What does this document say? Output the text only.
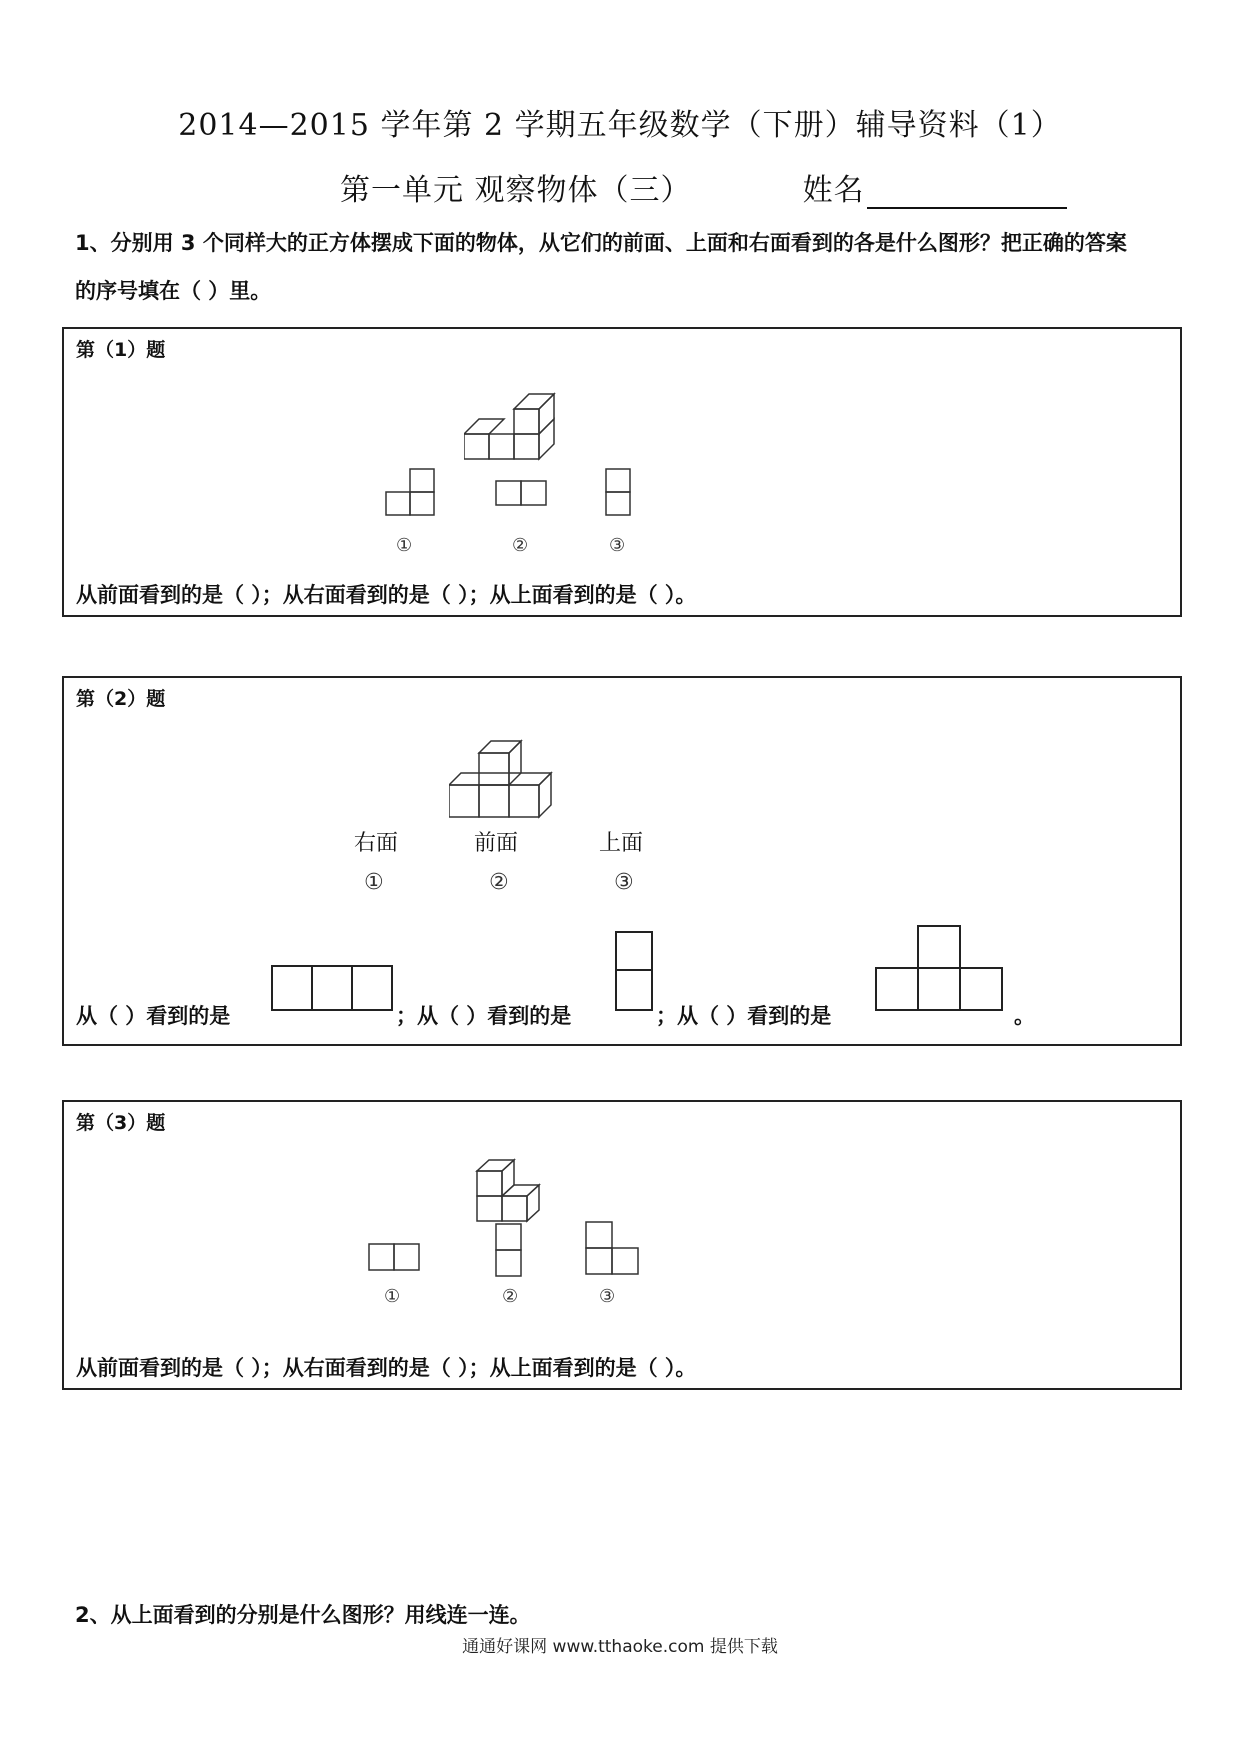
2014—2015 学年第 2 学期五年级数学（下册）辅导资料（1）
第一单元 观察物体（三）	姓名
1、分别用 3 个同样大的正方体摆成下面的物体，从它们的前面、上面和右面看到的各是什么图形？把正确的答案
的序号填在（ ）里。
第（1）题
①	②	③
从前面看到的是（ ）；从右面看到的是（ ）；从上面看到的是（ ）。
第（2）题
右面	前面	上面
①	②	③
从（ ）看到的是	；从（ ）看到的是	；从（ ）看到的是	。
第（3）题
①	②	③
从前面看到的是（ ）；从右面看到的是（ ）；从上面看到的是（ ）。
2、从上面看到的分别是什么图形？用线连一连。
通通好课网 www.tthaoke.com 提供下载
